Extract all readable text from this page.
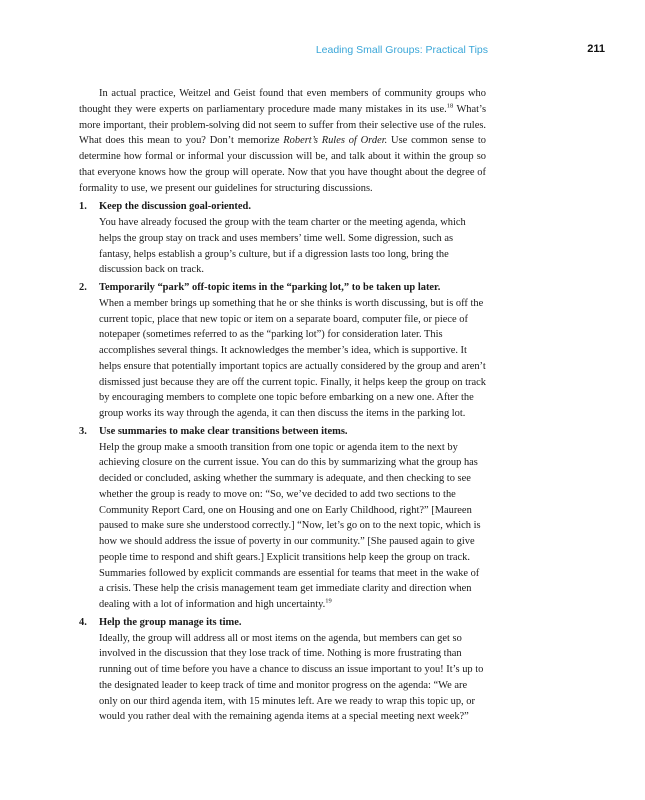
Leading Small Groups: Practical Tips	211

In actual practice, Weitzel and Geist found that even members of community groups who thought they were experts on parliamentary procedure made many mistakes in its use.$^{18}$ What’s more important, their problem-solving did not seem to suffer from their selective use of the rules. What does this mean to you? Don’t memorize Robert’s Rules of Order. Use common sense to determine how formal or informal your discussion will be, and talk about it within the group so that everyone knows how the group will operate. Now that you have thought about the degree of formality to use, we present our guidelines for structuring discussions.

1. Keep the discussion goal-oriented.
You have already focused the group with the team charter or the meeting agenda, which helps the group stay on track and uses members’ time well. Some digression, such as fantasy, helps establish a group’s culture, but if a digression lasts too long, bring the discussion back on track.
2. Temporarily “park” off-topic items in the “parking lot,” to be taken up later.
When a member brings up something that he or she thinks is worth discussing, but is off the current topic, place that new topic or item on a separate board, computer file, or piece of notepaper (sometimes referred to as the “parking lot”) for consideration later. This accomplishes several things. It acknowledges the member’s idea, which is supportive. It helps ensure that potentially important topics are actually considered by the group and aren’t dismissed just because they are off the current topic. Finally, it helps keep the group on track by encouraging members to complete one topic before embarking on a new one. After the group works its way through the agenda, it can then discuss the items in the parking lot.
3. Use summaries to make clear transitions between items.
Help the group make a smooth transition from one topic or agenda item to the next by achieving closure on the current issue. You can do this by summarizing what the group has decided or concluded, asking whether the summary is adequate, and then checking to see whether the group is ready to move on: “So, we’ve decided to add two sections to the Community Report Card, one on Housing and one on Early Childhood, right?” [Maureen paused to make sure she understood correctly.] “Now, let’s go on to the next topic, which is how we should address the issue of poverty in our community.” [She paused again to give people time to respond and shift gears.] Explicit transitions help keep the group on track. Summaries followed by explicit commands are essential for teams that meet in the wake of a crisis. These help the crisis management team get immediate clarity and direction when dealing with a lot of information and high uncertainty.$^{19}$
4. Help the group manage its time.
Ideally, the group will address all or most items on the agenda, but members can get so involved in the discussion that they lose track of time. Nothing is more frustrating than running out of time before you have a chance to discuss an issue important to you! It’s up to the designated leader to keep track of time and monitor progress on the agenda: “We are only on our third agenda item, with 15 minutes left. Are we ready to wrap this topic up, or would you rather deal with the remaining agenda items at a special meeting next week?”
